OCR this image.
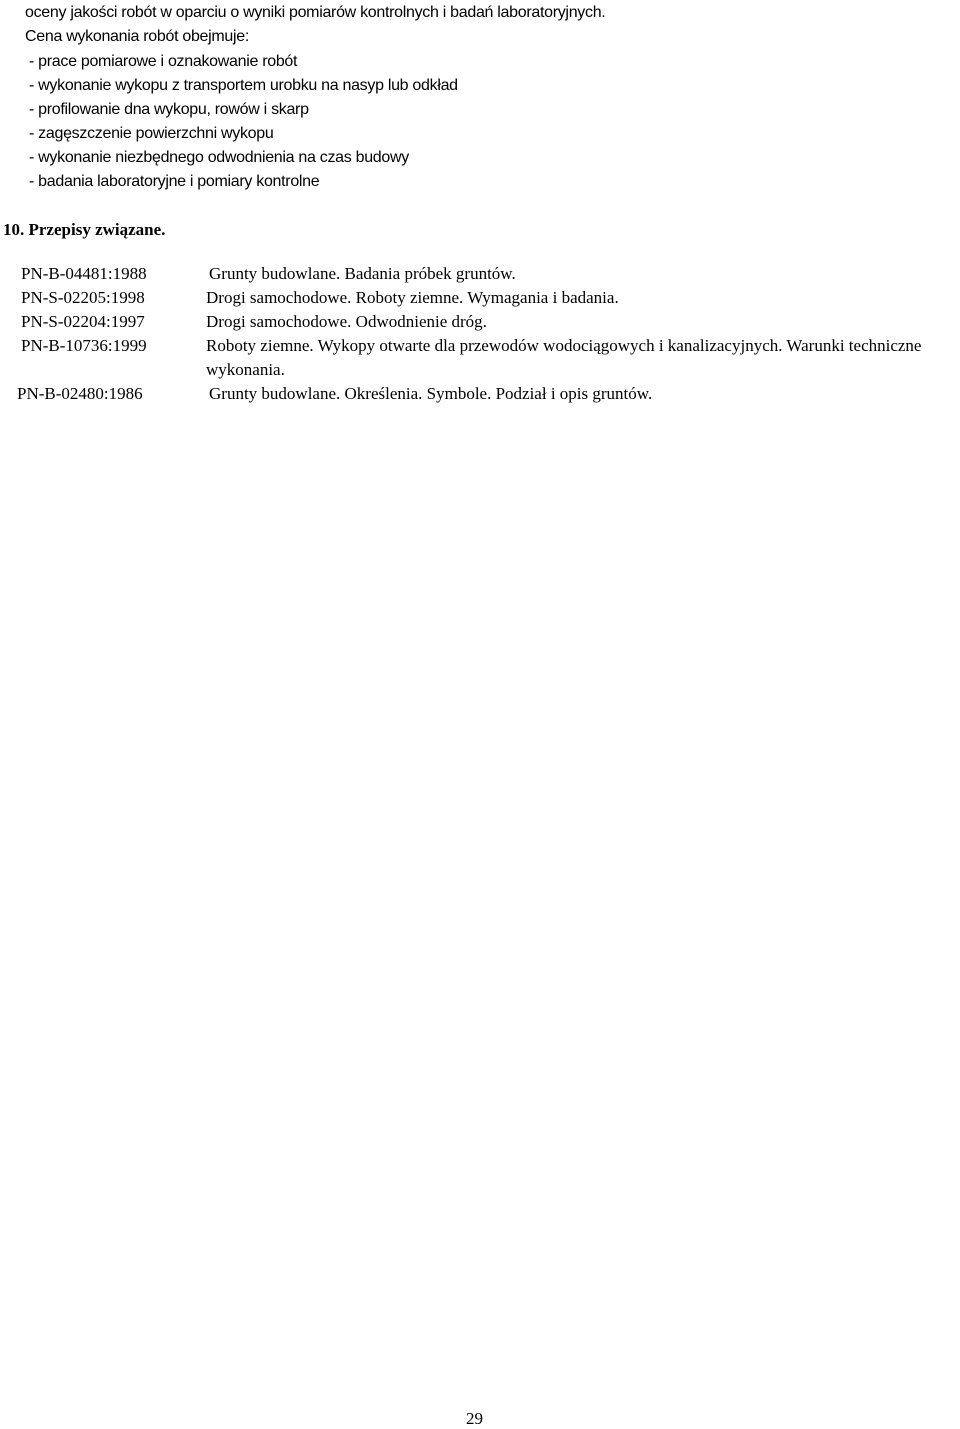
oceny jakości robót w oparciu o wyniki pomiarów kontrolnych i badań laboratoryjnych.
Cena wykonania robót obejmuje:
- prace pomiarowe i oznakowanie robót
- wykonanie wykopu z transportem urobku na nasyp lub odkład
- profilowanie dna wykopu, rowów i skarp
- zagęszczenie powierzchni wykopu
- wykonanie niezbędnego odwodnienia na czas budowy
- badania laboratoryjne i pomiary kontrolne
10. Przepisy związane.
PN-B-04481:1988	Grunty budowlane. Badania próbek gruntów.
PN-S-02205:1998	Drogi samochodowe. Roboty ziemne. Wymagania i badania.
PN-S-02204:1997	Drogi samochodowe. Odwodnienie dróg.
PN-B-10736:1999	Roboty ziemne. Wykopy otwarte dla przewodów wodociągowych i kanalizacyjnych. Warunki techniczne wykonania.
PN-B-02480:1986	Grunty budowlane. Określenia. Symbole. Podział i opis gruntów.
29
